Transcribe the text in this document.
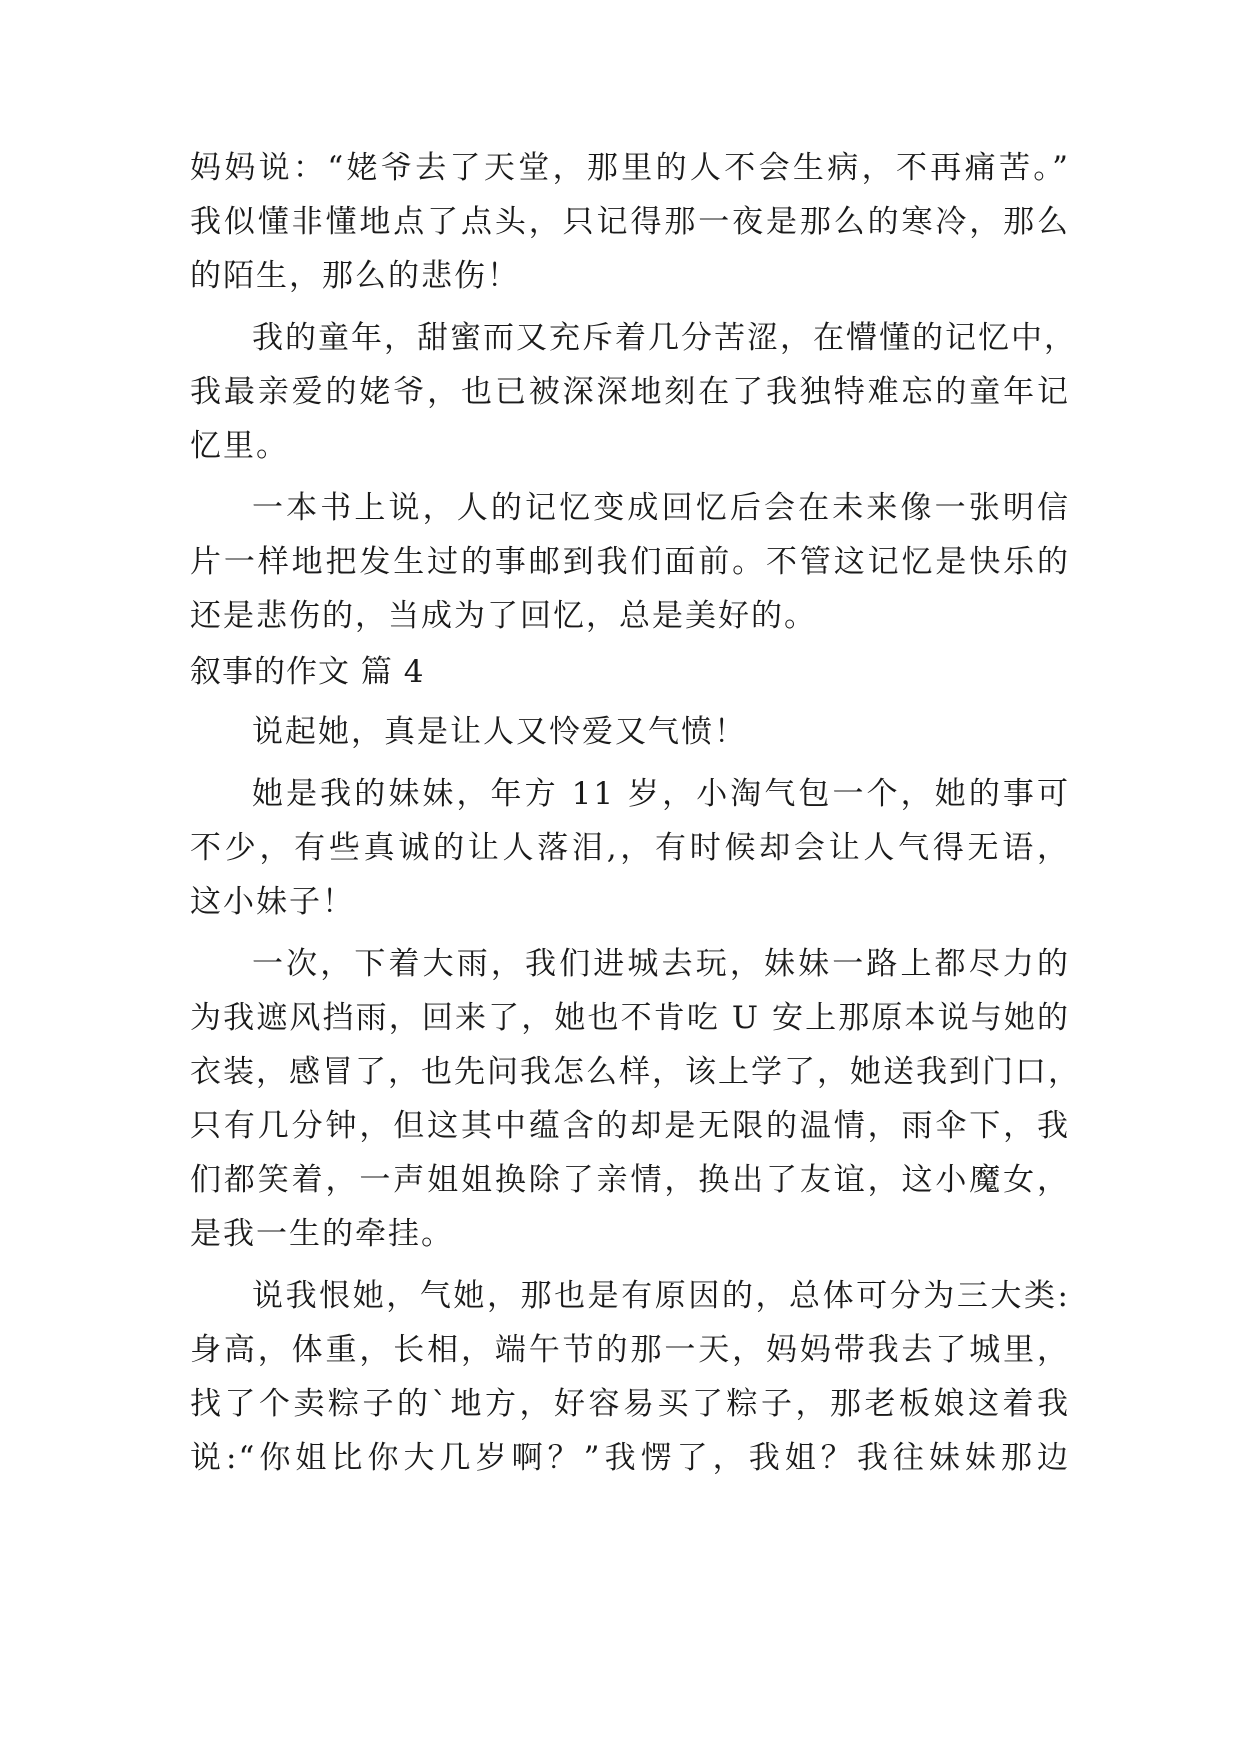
妈妈说：“姥爷去了天堂，那里的人不会生病，不再痛苦。”
我似懂非懂地点了点头，只记得那一夜是那么的寒冷，那么
的陌生，那么的悲伤！
我的童年，甜蜜而又充斥着几分苦涩，在懵懂的记忆中，
我最亲爱的姥爷，也已被深深地刻在了我独特难忘的童年记
忆里。
一本书上说，人的记忆变成回忆后会在未来像一张明信
片一样地把发生过的事邮到我们面前。不管这记忆是快乐的
还是悲伤的，当成为了回忆，总是美好的。
叙事的作文 篇 4
说起她，真是让人又怜爱又气愤！
她是我的妹妹，年方 11 岁，小淘气包一个，她的事可
不少，有些真诚的让人落泪,，有时候却会让人气得无语，
这小妹子！
一次，下着大雨，我们进城去玩，妹妹一路上都尽力的
为我遮风挡雨，回来了，她也不肯吃 U 安上那原本说与她的
衣装，感冒了，也先问我怎么样，该上学了，她送我到门口，
只有几分钟，但这其中蕴含的却是无限的温情，雨伞下，我
们都笑着，一声姐姐换除了亲情，换出了友谊，这小魔女，
是我一生的牵挂。
说我恨她，气她，那也是有原因的，总体可分为三大类:
身高，体重，长相，端午节的那一天，妈妈带我去了城里，
找了个卖粽子的`地方，好容易买了粽子，那老板娘这着我
说:“你姐比你大几岁啊？”我愣了，我姐？我往妹妹那边
